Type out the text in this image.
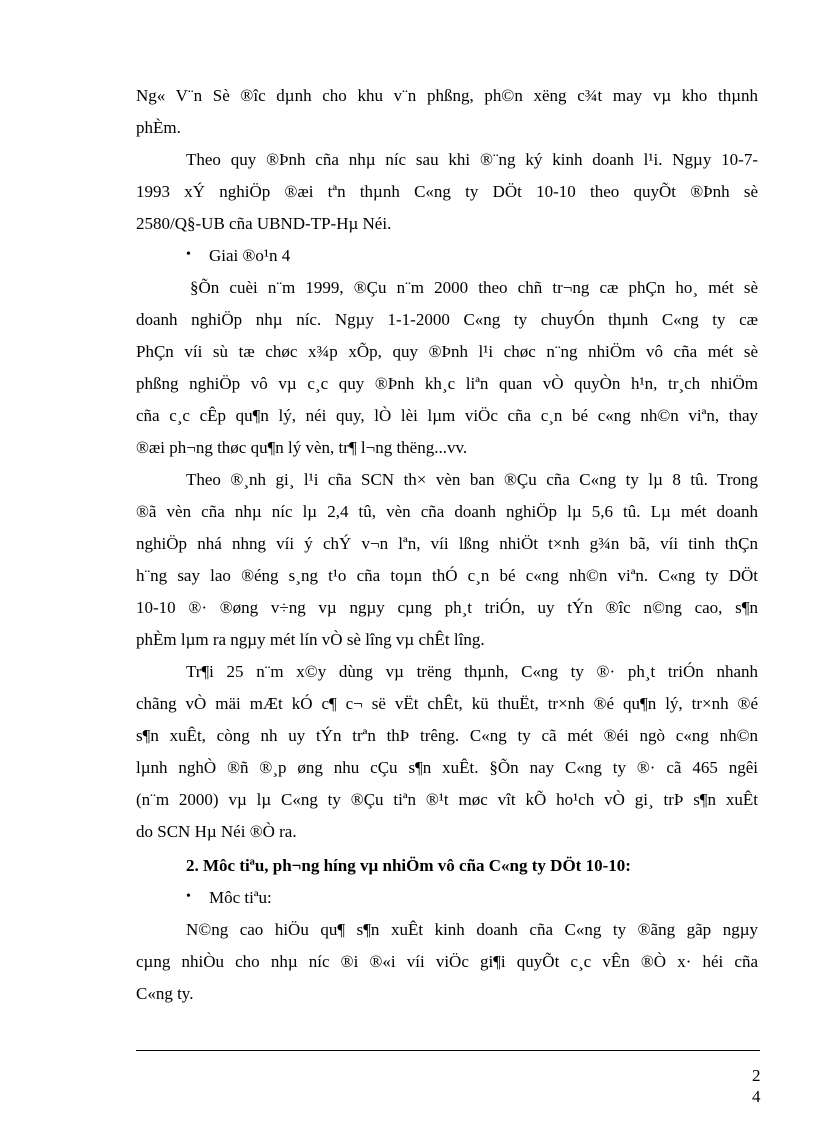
Ng« V¨n Sè ®îc dµnh cho khu v¨n phßng, ph©n xëng c¾t may vµ kho thµnh
phÈm.
Theo quy ®Þnh cña nhµ níc sau khi ®¨ng ký kinh doanh l¹i. Ngµy 10-7-
1993 xÝ nghiÖp ®æi tªn thµnh C«ng ty DÖt 10-10 theo quyÕt ®Þnh sè
2580/Q§-UB cña UBND-TP-Hµ Néi.
• Giai ®o¹n 4
§Õn cuèi n¨m 1999, ®Çu n¨m 2000 theo chñ tr¬ng cæ phÇn ho¸ mét sè
doanh nghiÖp nhµ níc. Ngµy 1-1-2000 C«ng ty chuyÓn thµnh C«ng ty cæ
PhÇn víi sù tæ chøc x¾p xÕp, quy ®Þnh l¹i chøc n¨ng nhiÖm vô cña mét sè
phßng nghiÖp vô vµ c¸c quy ®Þnh kh¸c liªn quan vÒ quyÒn h¹n, tr¸ch nhiÖm
cña c¸c cÊp qu¶n lý, néi quy, lÒ lèi lµm viÖc cña c¸n bé c«ng nh©n viªn, thay
®æi ph¬ng thøc qu¶n lý vèn, tr¶ l¬ng thëng...vv.
Theo ®¸nh gi¸ l¹i cña SCN th× vèn ban ®Çu cña C«ng ty lµ 8 tû. Trong
®ã vèn cña nhµ níc lµ 2,4 tû, vèn cña doanh nghiÖp lµ 5,6 tû. Lµ mét doanh
nghiÖp nhá nhng víi ý chÝ v¬n lªn, víi lßng nhiÖt t×nh g¾n bã, víi tinh thÇn
h¨ng say lao ®éng s¸ng t¹o cña toµn thÓ c¸n bé c«ng nh©n viªn. C«ng ty DÖt
10-10 ®· ®øng v÷ng vµ ngµy cµng ph¸t triÓn, uy tÝn ®îc n©ng cao, s¶n
phÈm lµm ra ngµy mét lín vÒ sè lîng vµ chÊt lîng.
Tr¶i 25 n¨m x©y dùng vµ trëng thµnh, C«ng ty ®· ph¸t triÓn nhanh
chãng vÒ mäi mÆt kÓ c¶ c¬ së vËt chÊt, kü thuËt, tr×nh ®é qu¶n lý, tr×nh ®é
s¶n xuÊt, còng nh uy tÝn trªn thÞ trêng. C«ng ty cã mét ®éi ngò c«ng nh©n
lµnh nghÒ ®ñ ®¸p øng nhu cÇu s¶n xuÊt. §Õn nay C«ng ty ®· cã 465 ngêi
(n¨m 2000) vµ lµ C«ng ty ®Çu tiªn ®¹t møc vît kÕ ho¹ch vÒ gi¸ trÞ s¶n xuÊt
do SCN Hµ Néi ®Ò ra.
2. Môc tiªu, ph¬ng híng vµ nhiÖm vô cña C«ng ty DÖt 10-10:
• Môc tiªu:
N©ng cao hiÖu qu¶ s¶n xuÊt kinh doanh cña C«ng ty ®ãng gãp ngµy
cµng nhiÒu cho nhµ níc ®i ®«i víi viÖc gi¶i quyÕt c¸c vÊn ®Ò x· héi cña
C«ng ty.
2
4
